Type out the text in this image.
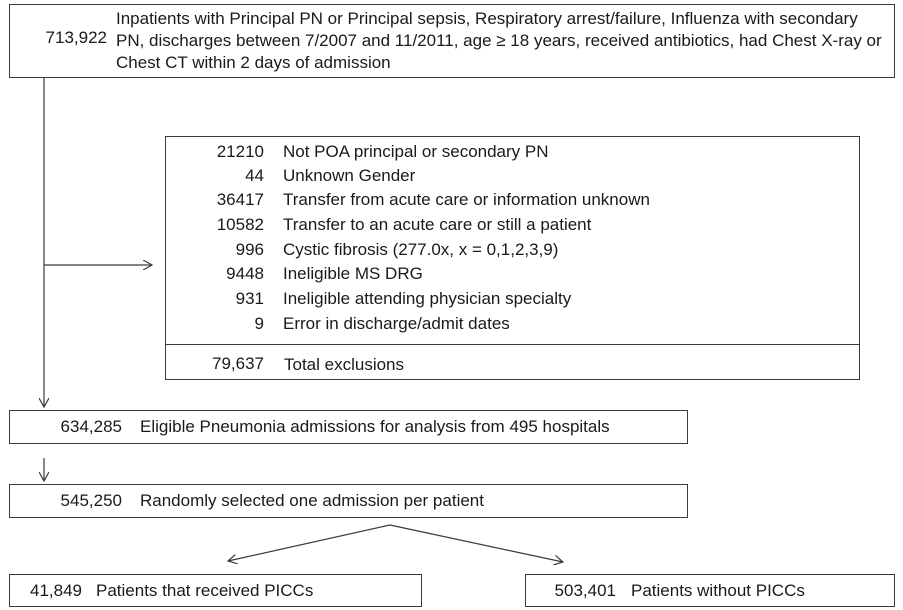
713,922
Inpatients with Principal PN or Principal sepsis, Respiratory arrest/failure, Influenza with secondary PN, discharges between 7/2007 and 11/2011, age ≥ 18 years, received antibiotics, had Chest X-ray or Chest CT within 2 days of admission
21210 Not POA principal or secondary PN
44 Unknown Gender
36417 Transfer from acute care or information unknown
10582 Transfer to an acute care or still a patient
996 Cystic fibrosis (277.0x, x = 0,1,2,3,9)
9448 Ineligible MS DRG
931 Ineligible attending physician specialty
9 Error in discharge/admit dates
79,637 Total exclusions
634,285 Eligible Pneumonia admissions for analysis from 495 hospitals
545,250 Randomly selected one admission per patient
41,849 Patients that received PICCs	503,401 Patients without PICCs
